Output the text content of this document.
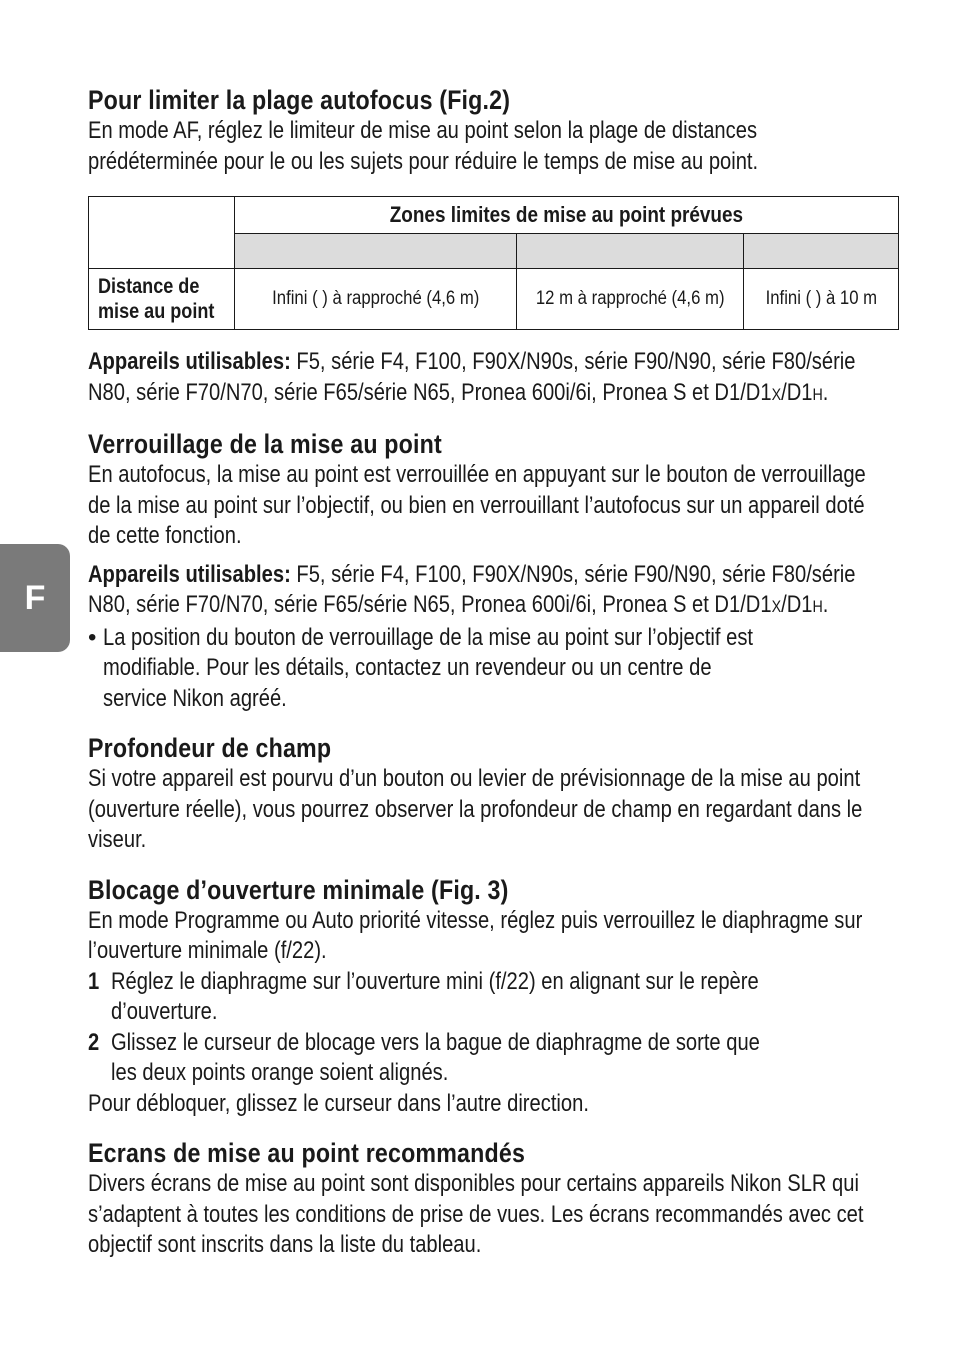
F
Pour limiter la plage autofocus (Fig.2)

En mode AF, réglez le limiteur de mise au point selon la plage de distances prédéterminée pour le ou les sujets pour réduire le temps de mise au point.

	Zones limites de mise au point prévues		

Distance de
mise au point	Infini ( ) à rapproché (4,6 m)	12 m à rapproché (4,6 m)	Infini ( ) à 10 m

Appareils utilisables: F5, série F4, F100, F90X/N90s, série F90/N90, série F80/série N80, série F70/N70, série F65/série N65, Pronea 600i/6i, Pronea S et D1/D1X/D1H.

Verrouillage de la mise au point

En autofocus, la mise au point est verrouillée en appuyant sur le bouton de verrouillage de la mise au point sur l’objectif, ou bien en verrouillant l’autofocus sur un appareil doté de cette fonction.

Appareils utilisables: F5, série F4, F100, F90X/N90s, série F90/N90, série F80/série N80, série F70/N70, série F65/série N65, Pronea 600i/6i, Pronea S et D1/D1X/D1H.

• La position du bouton de verrouillage de la mise au point sur l’objectif est modifiable. Pour les détails, contactez un revendeur ou un centre de service Nikon agréé.

Profondeur de champ

Si votre appareil est pourvu d’un bouton ou levier de prévisionnage de la mise au point (ouverture réelle), vous pourrez observer la profondeur de champ en regardant dans le viseur.

Blocage d’ouverture minimale (Fig. 3)

En mode Programme ou Auto priorité vitesse, réglez puis verrouillez le diaphragme sur l’ouverture minimale (f/22).

1 Réglez le diaphragme sur l’ouverture mini (f/22) en alignant sur le repère d’ouverture.

2 Glissez le curseur de blocage vers la bague de diaphragme de sorte que les deux points orange soient alignés.

Pour débloquer, glissez le curseur dans l’autre direction.

Ecrans de mise au point recommandés

Divers écrans de mise au point sont disponibles pour certains appareils Nikon SLR qui s’adaptent à toutes les conditions de prise de vues. Les écrans recommandés avec cet objectif sont inscrits dans la liste du tableau.
